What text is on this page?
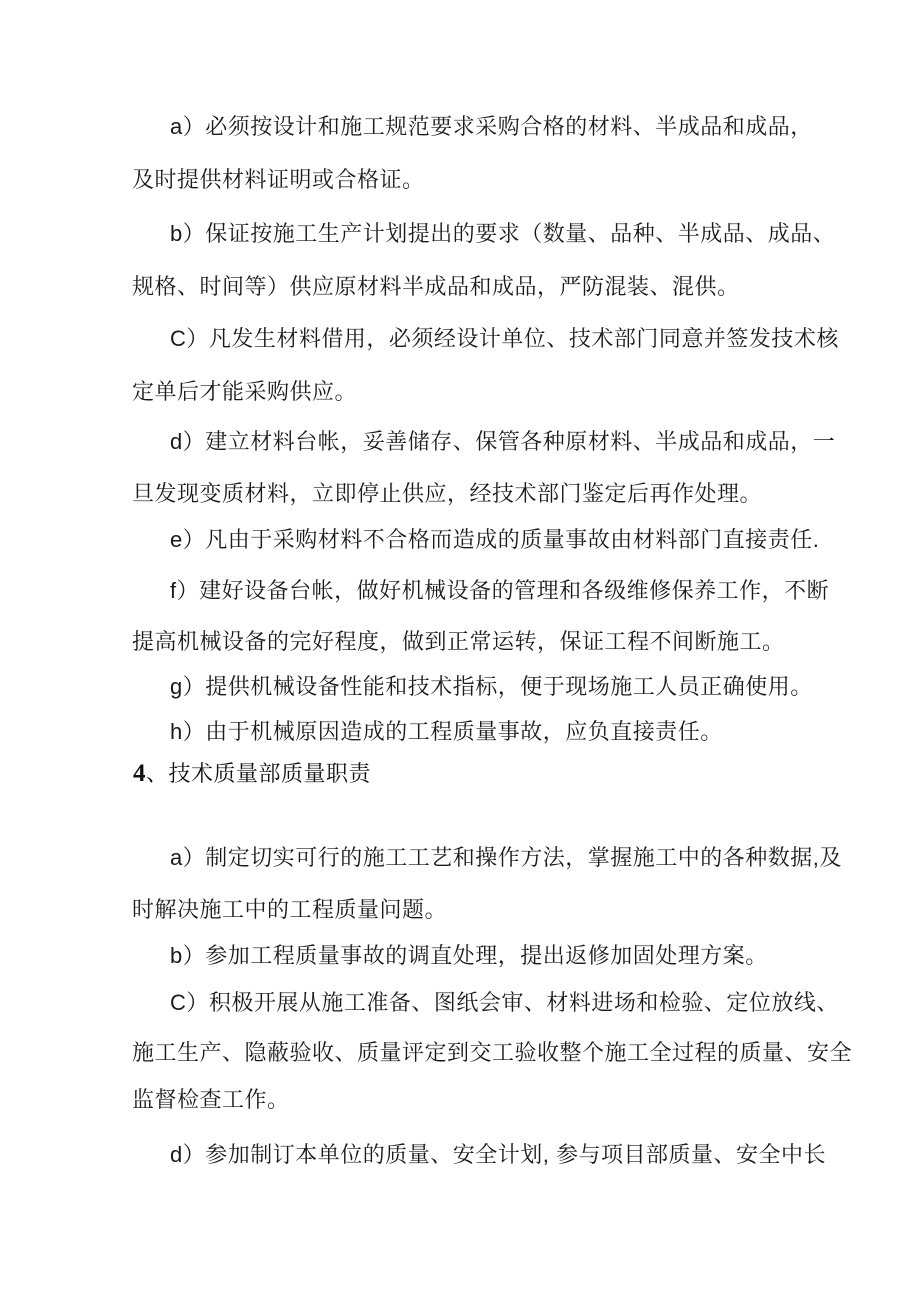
a）必须按设计和施工规范要求采购合格的材料、半成品和成品，
及时提供材料证明或合格证。
b）保证按施工生产计划提出的要求（数量、品种、半成品、成品、
规格、时间等）供应原材料半成品和成品，严防混装、混供。
C）凡发生材料借用，必须经设计单位、技术部门同意并签发技术核
定单后才能采购供应。
d）建立材料台帐，妥善储存、保管各种原材料、半成品和成品，一
旦发现变质材料，立即停止供应，经技术部门鉴定后再作处理。
e）凡由于采购材料不合格而造成的质量事故由材料部门直接责任.
f）建好设备台帐，做好机械设备的管理和各级维修保养工作，不断
提高机械设备的完好程度，做到正常运转，保证工程不间断施工。
g）提供机械设备性能和技术指标，便于现场施工人员正确使用。
h）由于机械原因造成的工程质量事故，应负直接责任。
4、技术质量部质量职责
a）制定切实可行的施工工艺和操作方法，掌握施工中的各种数据,及
时解决施工中的工程质量问题。
b）参加工程质量事故的调直处理，提出返修加固处理方案。
C）积极开展从施工准备、图纸会审、材料进场和检验、定位放线、
施工生产、隐蔽验收、质量评定到交工验收整个施工全过程的质量、安全
监督检查工作。
d）参加制订本单位的质量、安全计划, 参与项目部质量、安全中长
